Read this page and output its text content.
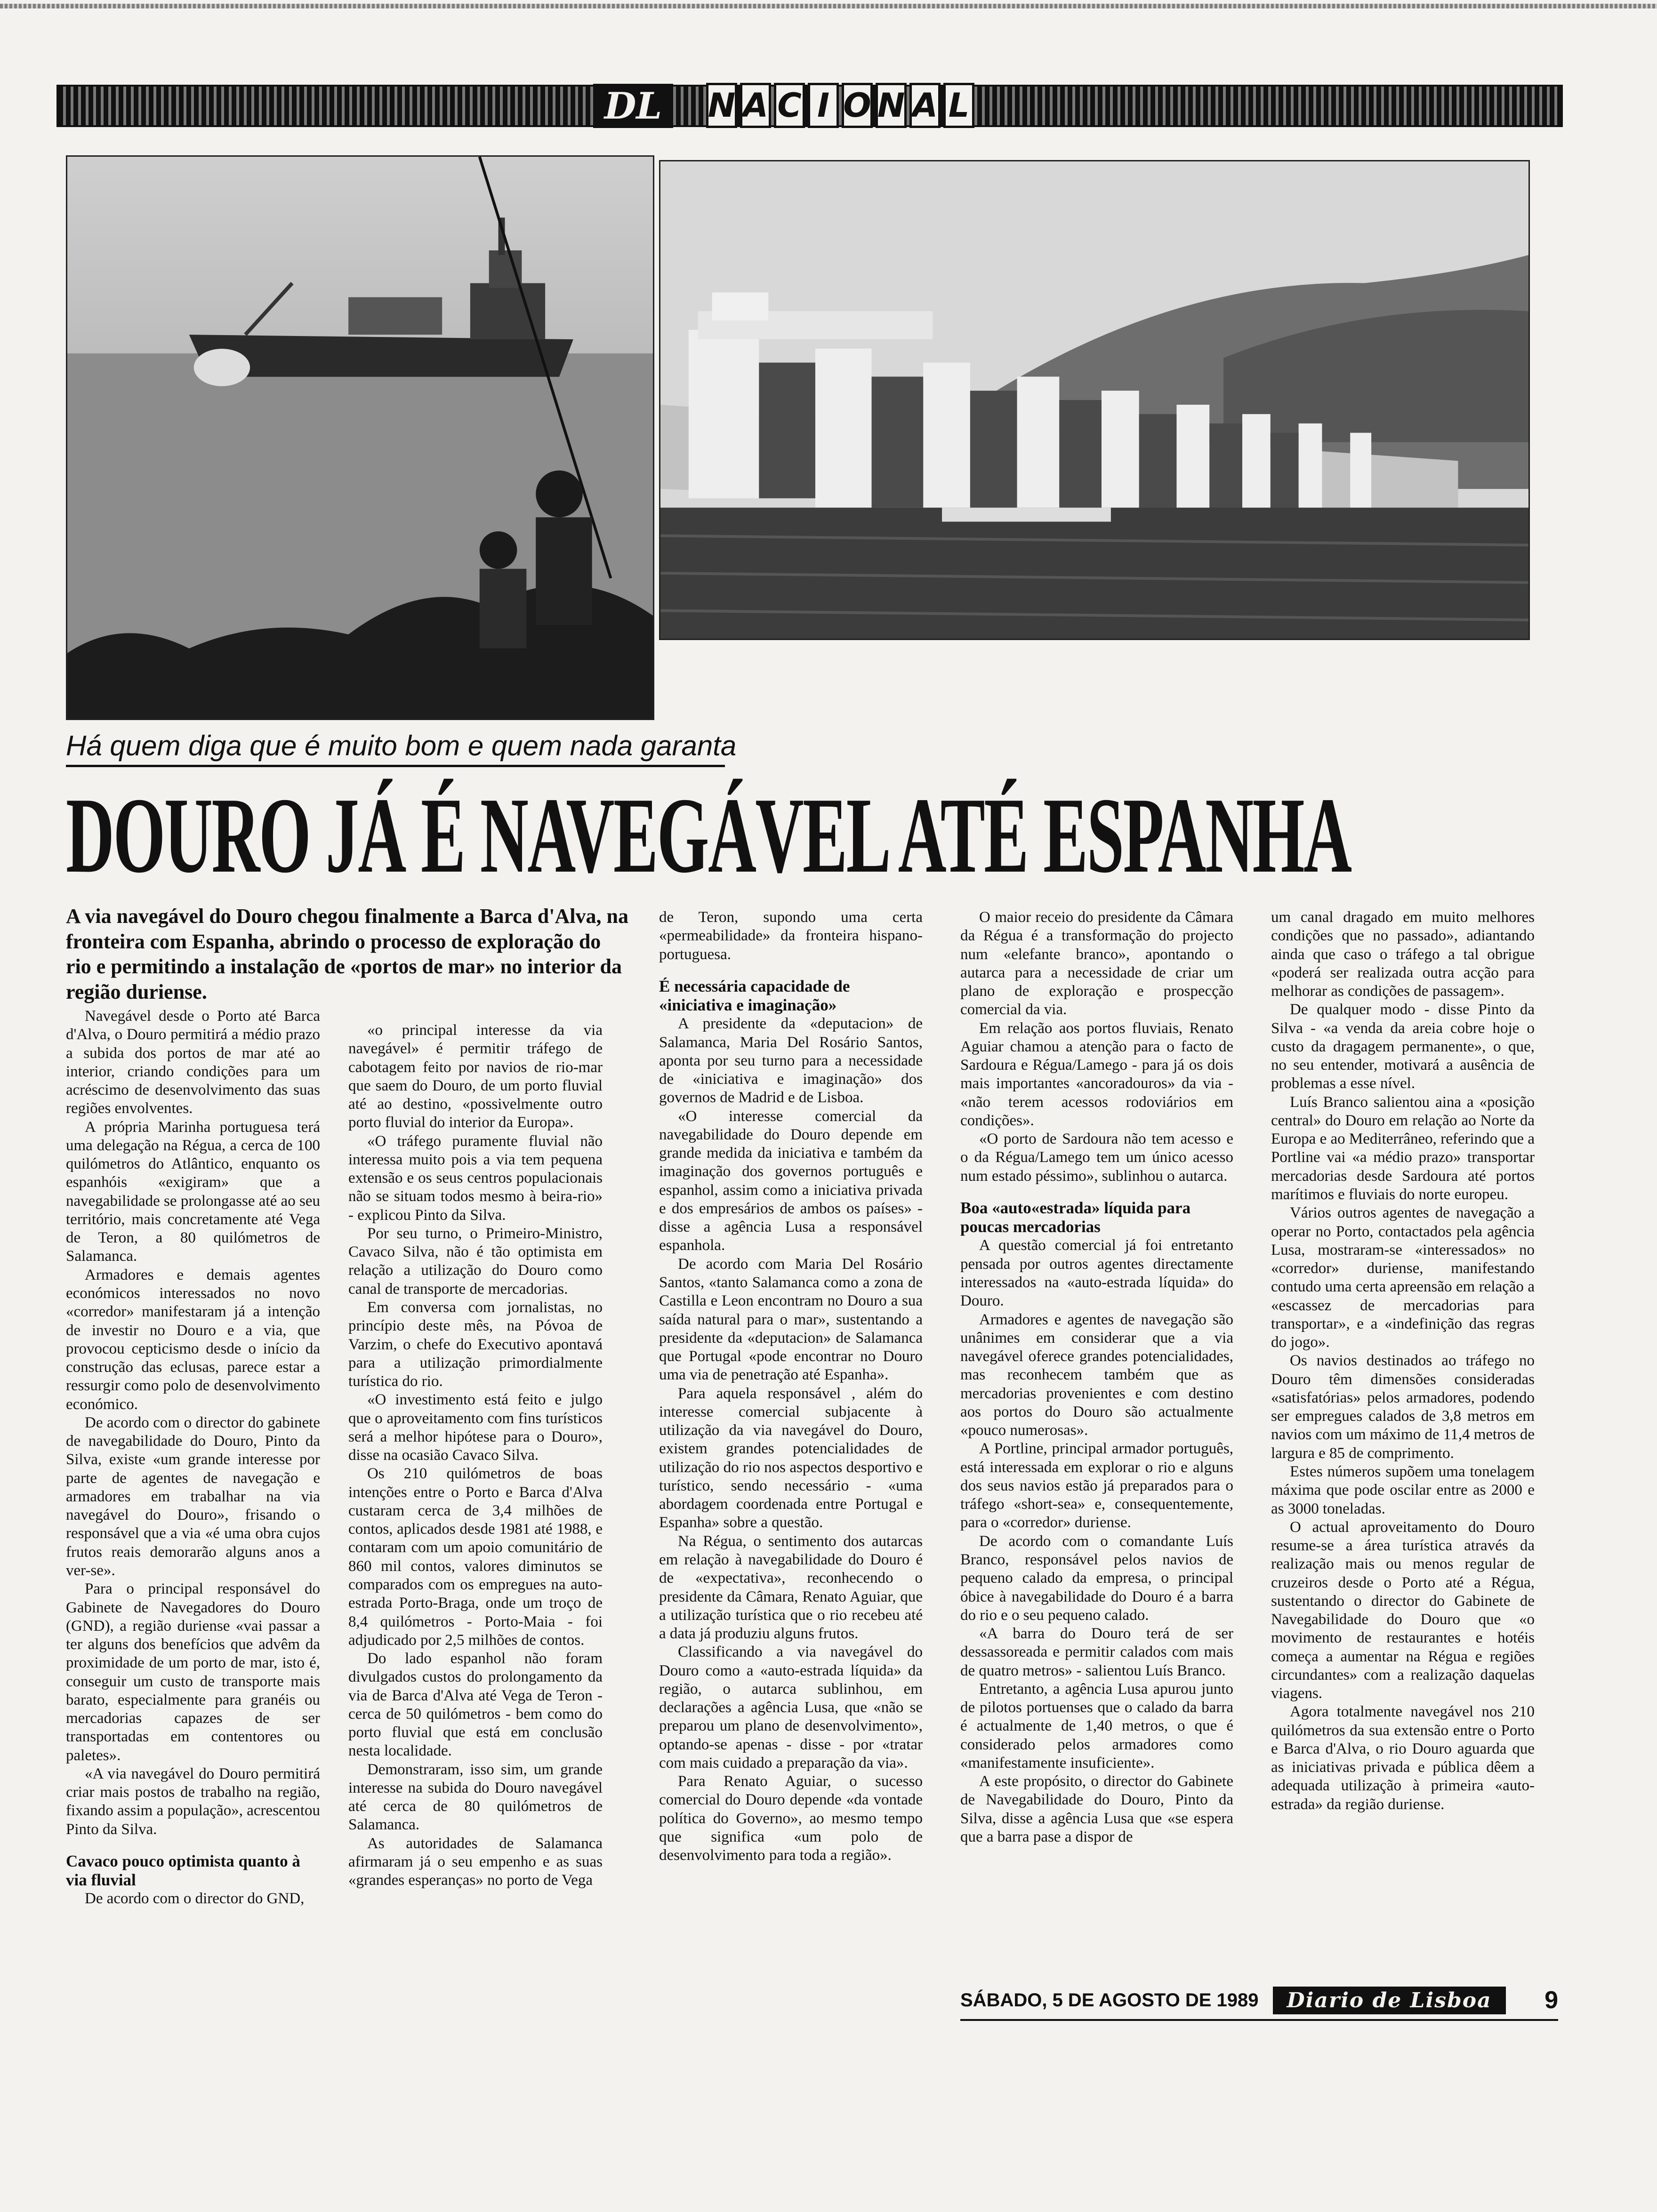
DL	N A C I O N A L
Há quem diga que é muito bom e quem nada garanta
DOURO JÁ É NAVEGÁVEL ATÉ ESPANHA
A via navegável do Douro chegou finalmente a Barca d'Alva, na fronteira com Espanha, abrindo o processo de exploração do rio e permitindo a instalação de «portos de mar» no interior da região duriense.

Navegável desde o Porto até Barca d'Alva, o Douro permitirá a médio prazo a subida dos portos de mar até ao interior, criando condições para um acréscimo de desenvolvimento das suas regiões envolventes.

A própria Marinha portuguesa terá uma delegação na Régua, a cerca de 100 quilómetros do Atlântico, enquanto os espanhóis «exigiram» que a navegabilidade se prolongasse até ao seu território, mais concretamente até Vega de Teron, a 80 quilómetros de Salamanca.

Armadores e demais agentes económicos interessados no novo «corredor» manifestaram já a intenção de investir no Douro e a via, que provocou cepticismo desde o início da construção das eclusas, parece estar a ressurgir como polo de desenvolvimento económico.

De acordo com o director do gabinete de navegabilidade do Douro, Pinto da Silva, existe «um grande interesse por parte de agentes de navegação e armadores em trabalhar na via navegável do Douro», frisando o responsável que a via «é uma obra cujos frutos reais demorarão alguns anos a ver-se».

Para o principal responsável do Gabinete de Navegadores do Douro (GND), a região duriense «vai passar a ter alguns dos benefícios que advêm da proximidade de um porto de mar, isto é, conseguir um custo de transporte mais barato, especialmente para granéis ou mercadorias capazes de ser transportadas em contentores ou paletes».

«A via navegável do Douro permitirá criar mais postos de trabalho na região, fixando assim a população», acrescentou Pinto da Silva.

Cavaco pouco optimista quanto à via fluvial

De acordo com o director do GND,

«o principal interesse da via navegável» é permitir tráfego de cabotagem feito por navios de rio-mar que saem do Douro, de um porto fluvial até ao destino, «possivelmente outro porto fluvial do interior da Europa».

«O tráfego puramente fluvial não interessa muito pois a via tem pequena extensão e os seus centros populacionais não se situam todos mesmo à beira-rio» - explicou Pinto da Silva.

Por seu turno, o Primeiro-Ministro, Cavaco Silva, não é tão optimista em relação a utilização do Douro como canal de transporte de mercadorias.

Em conversa com jornalistas, no princípio deste mês, na Póvoa de Varzim, o chefe do Executivo apontavá para a utilização primordialmente turística do rio.

«O investimento está feito e julgo que o aproveitamento com fins turísticos será a melhor hipótese para o Douro», disse na ocasião Cavaco Silva.

Os 210 quilómetros de boas intenções entre o Porto e Barca d'Alva custaram cerca de 3,4 milhões de contos, aplicados desde 1981 até 1988, e contaram com um apoio comunitário de 860 mil contos, valores diminutos se comparados com os empregues na auto-estrada Porto-Braga, onde um troço de 8,4 quilómetros - Porto-Maia - foi adjudicado por 2,5 milhões de contos.

Do lado espanhol não foram divulgados custos do prolongamento da via de Barca d'Alva até Vega de Teron - cerca de 50 quilómetros - bem como do porto fluvial que está em conclusão nesta localidade.

Demonstraram, isso sim, um grande interesse na subida do Douro navegável até cerca de 80 quilómetros de Salamanca.

As autoridades de Salamanca afirmaram já o seu empenho e as suas «grandes esperanças» no porto de Vega

de Teron, supondo uma certa «permeabilidade» da fronteira hispano-portuguesa.

É necessária capacidade de «iniciativa e imaginação»

A presidente da «deputacion» de Salamanca, Maria Del Rosário Santos, aponta por seu turno para a necessidade de «iniciativa e imaginação» dos governos de Madrid e de Lisboa.

«O interesse comercial da navegabilidade do Douro depende em grande medida da iniciativa e também da imaginação dos governos português e espanhol, assim como a iniciativa privada e dos empresários de ambos os países» - disse a agência Lusa a responsável espanhola.

De acordo com Maria Del Rosário Santos, «tanto Salamanca como a zona de Castilla e Leon encontram no Douro a sua saída natural para o mar», sustentando a presidente da «deputacion» de Salamanca que Portugal «pode encontrar no Douro uma via de penetração até Espanha».

Para aquela responsável , além do interesse comercial subjacente à utilização da via navegável do Douro, existem grandes potencialidades de utilização do rio nos aspectos desportivo e turístico, sendo necessário - «uma abordagem coordenada entre Portugal e Espanha» sobre a questão.

Na Régua, o sentimento dos autarcas em relação à navegabilidade do Douro é de «expectativa», reconhecendo o presidente da Câmara, Renato Aguiar, que a utilização turística que o rio recebeu até a data já produziu alguns frutos.

Classificando a via navegável do Douro como a «auto-estrada líquida» da região, o autarca sublinhou, em declarações a agência Lusa, que «não se preparou um plano de desenvolvimento», optando-se apenas - disse - por «tratar com mais cuidado a preparação da via».

Para Renato Aguiar, o sucesso comercial do Douro depende «da vontade política do Governo», ao mesmo tempo que significa «um polo de desenvolvimento para toda a região».

O maior receio do presidente da Câmara da Régua é a transformação do projecto num «elefante branco», apontando o autarca para a necessidade de criar um plano de exploração e prospecção comercial da via.

Em relação aos portos fluviais, Renato Aguiar chamou a atenção para o facto de Sardoura e Régua/Lamego - para já os dois mais importantes «ancoradouros» da via - «não terem acessos rodoviários em condições».

«O porto de Sardoura não tem acesso e o da Régua/Lamego tem um único acesso num estado péssimo», sublinhou o autarca.

Boa «auto«estrada» líquida para poucas mercadorias

A questão comercial já foi entretanto pensada por outros agentes directamente interessados na «auto-estrada líquida» do Douro.

Armadores e agentes de navegação são unânimes em considerar que a via navegável oferece grandes potencialidades, mas reconhecem também que as mercadorias provenientes e com destino aos portos do Douro são actualmente «pouco numerosas».

A Portline, principal armador português, está interessada em explorar o rio e alguns dos seus navios estão já preparados para o tráfego «short-sea» e, consequentemente, para o «corredor» duriense.

De acordo com o comandante Luís Branco, responsável pelos navios de pequeno calado da empresa, o principal óbice à navegabilidade do Douro é a barra do rio e o seu pequeno calado.

«A barra do Douro terá de ser dessassoreada e permitir calados com mais de quatro metros» - salientou Luís Branco.

Entretanto, a agência Lusa apurou junto de pilotos portuenses que o calado da barra é actualmente de 1,40 metros, o que é considerado pelos armadores como «manifestamente insuficiente».

A este propósito, o director do Gabinete de Navegabilidade do Douro, Pinto da Silva, disse a agência Lusa que «se espera que a barra pase a dispor de

um canal dragado em muito melhores condições que no passado», adiantando ainda que caso o tráfego a tal obrigue «poderá ser realizada outra acção para melhorar as condições de passagem».

De qualquer modo - disse Pinto da Silva - «a venda da areia cobre hoje o custo da dragagem permanente», o que, no seu entender, motivará a ausência de problemas a esse nível.

Luís Branco salientou aina a «posição central» do Douro em relação ao Norte da Europa e ao Mediterrâneo, referindo que a Portline vai «a médio prazo» transportar mercadorias desde Sardoura até portos marítimos e fluviais do norte europeu.

Vários outros agentes de navegação a operar no Porto, contactados pela agência Lusa, mostraram-se «interessados» no «corredor» duriense, manifestando contudo uma certa apreensão em relação a «escassez de mercadorias para transportar», e a «indefinição das regras do jogo».

Os navios destinados ao tráfego no Douro têm dimensões consideradas «satisfatórias» pelos armadores, podendo ser empregues calados de 3,8 metros em navios com um máximo de 11,4 metros de largura e 85 de comprimento.

Estes números supõem uma tonelagem máxima que pode oscilar entre as 2000 e as 3000 toneladas.

O actual aproveitamento do Douro resume-se a área turística através da realização mais ou menos regular de cruzeiros desde o Porto até a Régua, sustentando o director do Gabinete de Navegabilidade do Douro que «o movimento de restaurantes e hotéis começa a aumentar na Régua e regiões circundantes» com a realização daquelas viagens.

Agora totalmente navegável nos 210 quilómetros da sua extensão entre o Porto e Barca d'Alva, o rio Douro aguarda que as iniciativas privada e pública dêem a adequada utilização à primeira «auto-estrada» da região duriense.

SÁBADO, 5 DE AGOSTO DE 1989	Diario de Lisboa	9
